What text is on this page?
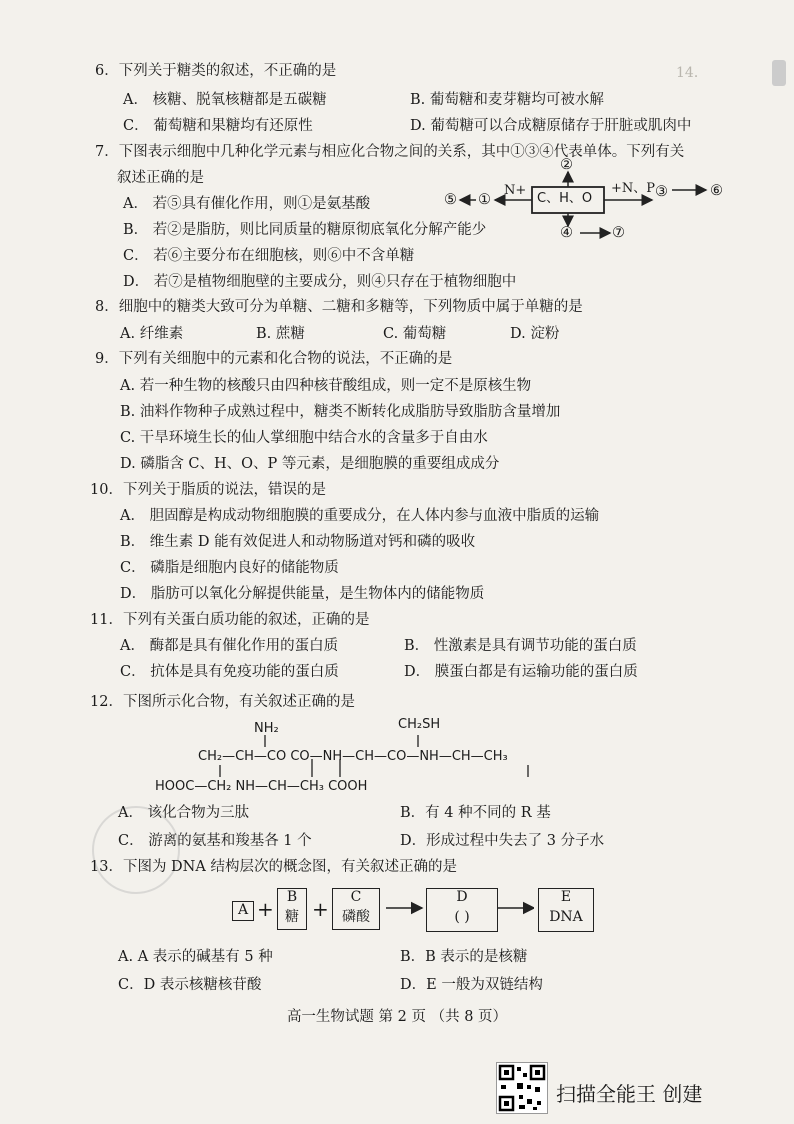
14．
6．下列关于糖类的叙述，不正确的是
A． 核糖、脱氧核糖都是五碳糖	B. 葡萄糖和麦芽糖均可被水解
C． 葡萄糖和果糖均有还原性	D. 葡萄糖可以合成糖原储存于肝脏或肌肉中
7．下图表示细胞中几种化学元素与相应化合物之间的关系，其中①③④代表单体。下列有关
叙述正确的是
A． 若⑤具有催化作用，则①是氨基酸
B． 若②是脂肪，则比同质量的糖原彻底氧化分解产能少
C． 若⑥主要分布在细胞核，则⑥中不含单糖
D． 若⑦是植物细胞壁的主要成分，则④只存在于植物细胞中
C、H、O
N+	+N、P
①
②
③
④
⑤
⑥
⑦
8．细胞中的糖类大致可分为单糖、二糖和多糖等，下列物质中属于单糖的是
A. 纤维素	B. 蔗糖	C. 葡萄糖	D. 淀粉
9．下列有关细胞中的元素和化合物的说法，不正确的是
A. 若一种生物的核酸只由四种核苷酸组成，则一定不是原核生物
B. 油料作物种子成熟过程中，糖类不断转化成脂肪导致脂肪含量增加
C. 干旱环境生长的仙人掌细胞中结合水的含量多于自由水
D. 磷脂含 C、H、O、P 等元素，是细胞膜的重要组成成分
10．下列关于脂质的说法，错误的是
A． 胆固醇是构成动物细胞膜的重要成分，在人体内参与血液中脂质的运输
B． 维生素 D 能有效促进人和动物肠道对钙和磷的吸收
C． 磷脂是细胞内良好的储能物质
D． 脂肪可以氧化分解提供能量，是生物体内的储能物质
11．下列有关蛋白质功能的叙述，正确的是
A． 酶都是具有催化作用的蛋白质	B． 性激素是具有调节功能的蛋白质
C． 抗体是具有免疫功能的蛋白质	D． 膜蛋白都是有运输功能的蛋白质
12．下图所示化合物，有关叙述正确的是
NH₂	CH₂SH
CH₂—CH—CO CO—NH—CH—CO—NH—CH—CH₃
HOOC—CH₂ NH—CH—CH₃ COOH
A． 该化合物为三肽	B．有 4 种不同的 R 基
C． 游离的氨基和羧基各 1 个	D．形成过程中失去了 3 分子水
13．下图为 DNA 结构层次的概念图，有关叙述正确的是
A + B
糖 +	C
磷酸
D
( )
E
DNA
A. A 表示的碱基有 5 种	B．B 表示的是核糖
C．D 表示核糖核苷酸	D．E 一般为双链结构
高一生物试题 第 2 页 （共 8 页）
扫描全能王 创建
